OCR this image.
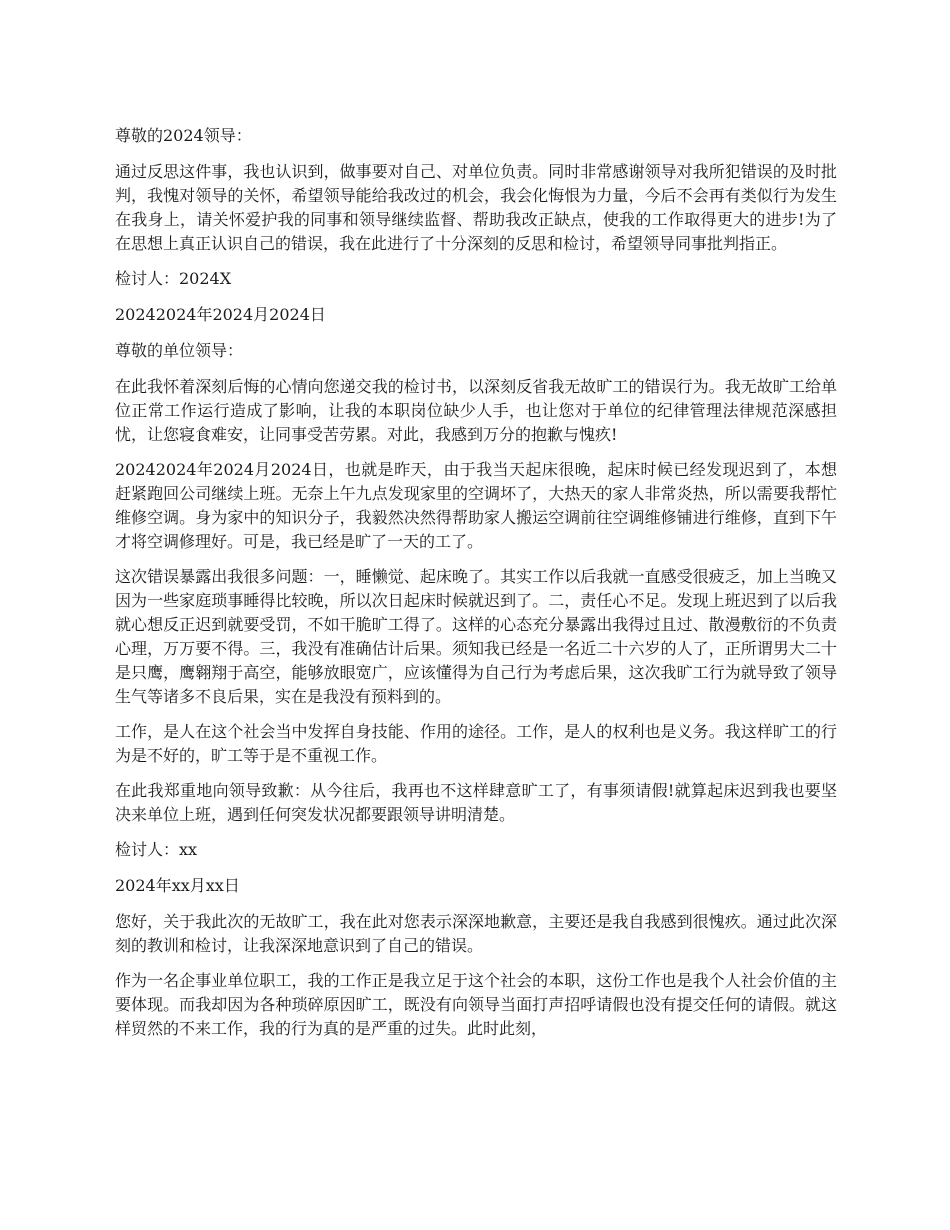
尊敬的2024领导：

通过反思这件事，我也认识到，做事要对自己、对单位负责。同时非常感谢领导对我所犯错误的及时批判，我愧对领导的关怀，希望领导能给我改过的机会，我会化悔恨为力量，今后不会再有类似行为发生在我身上，请关怀爱护我的同事和领导继续监督、帮助我改正缺点，使我的工作取得更大的进步!为了在思想上真正认识自己的错误，我在此进行了十分深刻的反思和检讨，希望领导同事批判指正。

检讨人：2024X

20242024年2024月2024日

尊敬的单位领导：

在此我怀着深刻后悔的心情向您递交我的检讨书，以深刻反省我无故旷工的错误行为。我无故旷工给单位正常工作运行造成了影响，让我的本职岗位缺少人手，也让您对于单位的纪律管理法律规范深感担忧，让您寝食难安，让同事受苦劳累。对此，我感到万分的抱歉与愧疚!

20242024年2024月2024日，也就是昨天，由于我当天起床很晚，起床时候已经发现迟到了，本想赶紧跑回公司继续上班。无奈上午九点发现家里的空调坏了，大热天的家人非常炎热，所以需要我帮忙维修空调。身为家中的知识分子，我毅然决然得帮助家人搬运空调前往空调维修铺进行维修，直到下午才将空调修理好。可是，我已经是旷了一天的工了。

这次错误暴露出我很多问题：一，睡懒觉、起床晚了。其实工作以后我就一直感受很疲乏，加上当晚又因为一些家庭琐事睡得比较晚，所以次日起床时候就迟到了。二，责任心不足。发现上班迟到了以后我就心想反正迟到就要受罚，不如干脆旷工得了。这样的心态充分暴露出我得过且过、散漫敷衍的不负责心理，万万要不得。三，我没有准确估计后果。须知我已经是一名近二十六岁的人了，正所谓男大二十是只鹰，鹰翱翔于高空，能够放眼宽广，应该懂得为自己行为考虑后果，这次我旷工行为就导致了领导生气等诸多不良后果，实在是我没有预料到的。

工作，是人在这个社会当中发挥自身技能、作用的途径。工作，是人的权利也是义务。我这样旷工的行为是不好的，旷工等于是不重视工作。

在此我郑重地向领导致歉：从今往后，我再也不这样肆意旷工了，有事须请假!就算起床迟到我也要坚决来单位上班，遇到任何突发状况都要跟领导讲明清楚。

检讨人：xx

2024年xx月xx日

您好，关于我此次的无故旷工，我在此对您表示深深地歉意，主要还是我自我感到很愧疚。通过此次深刻的教训和检讨，让我深深地意识到了自己的错误。

作为一名企事业单位职工，我的工作正是我立足于这个社会的本职，这份工作也是我个人社会价值的主要体现。而我却因为各种琐碎原因旷工，既没有向领导当面打声招呼请假也没有提交任何的请假。就这样贸然的不来工作，我的行为真的是严重的过失。此时此刻，
